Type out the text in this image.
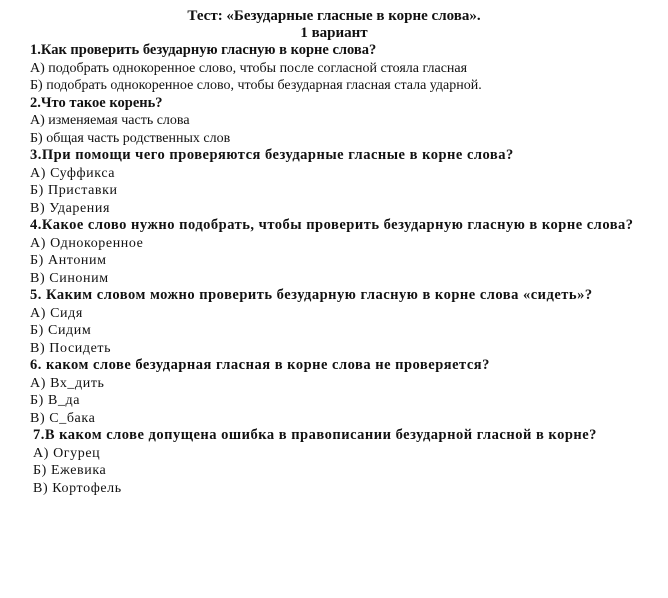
Тест: «Безударные гласные в корне слова».

1 вариант

1.Как проверить безударную гласную в корне слова?

А) подобрать однокоренное слово, чтобы после согласной стояла гласная

Б) подобрать однокоренное слово, чтобы безударная гласная стала ударной.

2.Что такое корень?

А) изменяемая часть слова

Б) общая часть родственных слов

3.При помощи чего проверяются безударные гласные в корне слова?

А) Суффикса

Б) Приставки

В) Ударения

4.Какое слово нужно подобрать, чтобы проверить безударную гласную в корне слова?

А) Однокоренное

Б) Антоним

В) Синоним

5. Каким словом можно проверить безударную гласную в корне слова «сидеть»?

А) Сидя

Б) Сидим

В) Посидеть

6. каком слове безударная гласная в корне слова не проверяется?

А) Вх_дить

Б) В_да

В) С_бака

7.В каком слове допущена ошибка в правописании безударной гласной в корне?

А) Огурец

Б) Ежевика

В) Кортофель
